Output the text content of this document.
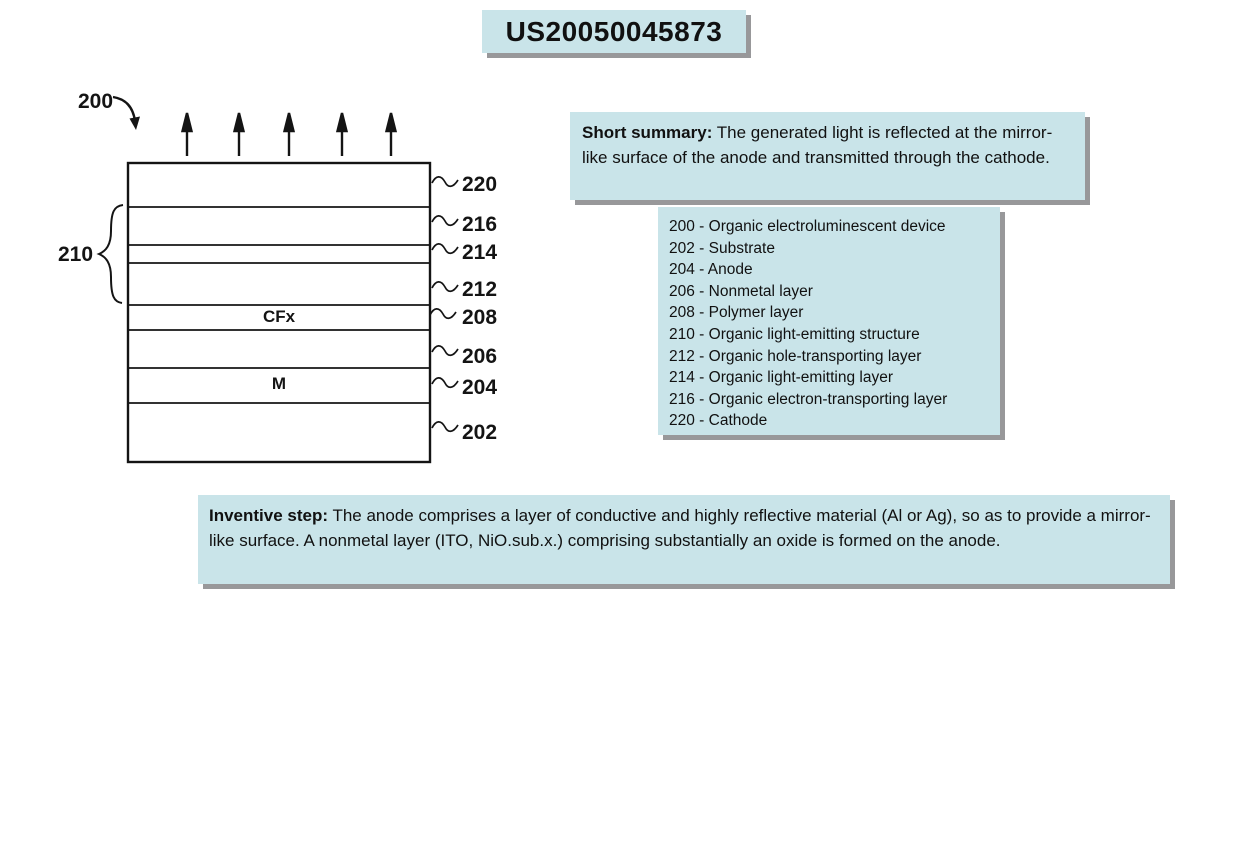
US20050045873
200
210
220
216
214
212
208
206
204
202
CFx
M
Short summary: The generated light is reflected at the mirror-like surface of the anode and transmitted through the cathode.
200 - Organic electroluminescent device
202 - Substrate
204 - Anode
206 - Nonmetal layer
208 - Polymer layer
210 - Organic light-emitting structure
212 - Organic hole-transporting layer
214 - Organic light-emitting layer
216 - Organic electron-transporting layer
220 - Cathode
Inventive step: The anode comprises a layer of conductive and highly reflective material (Al or Ag), so as to provide a mirror-like surface. A nonmetal layer (ITO, NiO.sub.x.) comprising substantially an oxide is formed on the anode.
